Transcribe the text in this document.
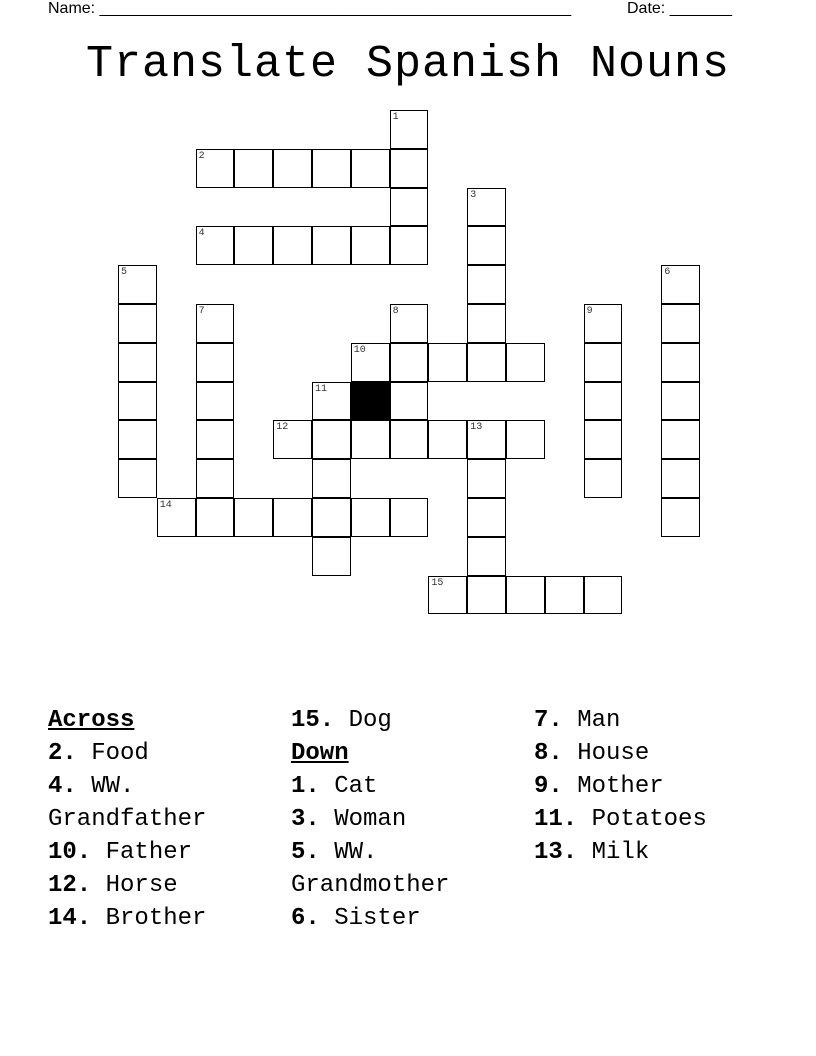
Name: _____________________________________________________	Date: _______
Translate Spanish Nouns
1
2
3
4
5	6
7	8	9
10
11
12	13
14
15
Across
2. Food
4. WW. Grandfather
10. Father
12. Horse
14. Brother
15. Dog
Down
1. Cat
3. Woman
5. WW. Grandmother
6. Sister
7. Man
8. House
9. Mother
11. Potatoes
13. Milk
